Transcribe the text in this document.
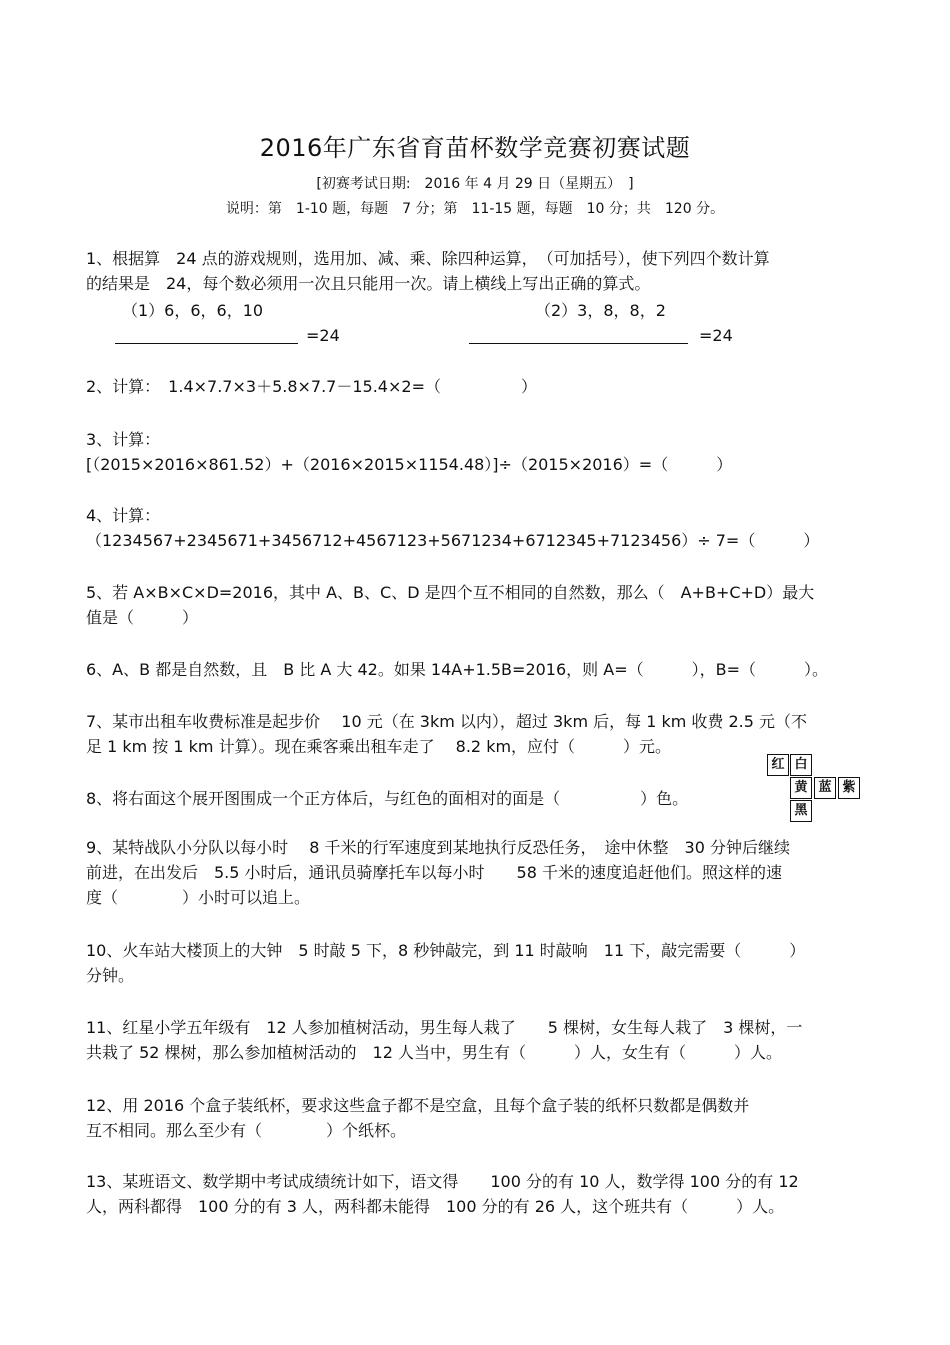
2016年广东省育苗杯数学竞赛初赛试题
[初赛考试日期:　2016 年 4 月 29 日（星期五）　]
说明：第　1-10 题，每题　7 分；第　11-15 题，每题　10 分；共　120 分。
1、根据算　24 点的游戏规则，选用加、减、乘、除四种运算，　（可加括号），使下列四个数计算
的结果是　24，每个数必须用一次且只能用一次。请上横线上写出正确的算式。
（1）6，6，6，10	（2）3，8，8，2
=24	=24
2、计算：　1.4×7.7×3＋5.8×7.7－15.4×2=（　　　　　）
3、计算：
[（2015×2016×861.52）+（2016×2015×1154.48）]÷（2015×2016）=（　　　）
4、计算：
（1234567+2345671+3456712+4567123+5671234+6712345+7123456）÷ 7=（　　　）
5、若 A×B×C×D=2016，其中 A、B、C、D 是四个互不相同的自然数，那么（　A+B+C+D）最大
值是（　　　）
6、A、B 都是自然数，且　B 比 A 大 42。如果 14A+1.5B=2016，则 A=（　　　），B=（　　　）。
7、某市出租车收费标准是起步价　 10 元（在 3km 以内），超过 3km 后，每 1 km 收费 2.5 元（不
足 1 km 按 1 km 计算）。现在乘客乘出租车走了　 8.2 km，应付（　　　）元。
8、将右面这个展开图围成一个正方体后，与红色的面相对的面是（　　　　　）色。
红 白
黄 蓝 紫
黑
9、某特战队小分队以每小时　 8 千米的行军速度到某地执行反恐任务，　途中休整　30 分钟后继续
前进，在出发后　5.5 小时后，通讯员骑摩托车以每小时　　58 千米的速度追赶他们。照这样的速
度（　　　　）小时可以追上。
10、火车站大楼顶上的大钟　5 时敲 5 下，8 秒钟敲完，到 11 时敲响　11 下，敲完需要（　　　）
分钟。
11、红星小学五年级有　12 人参加植树活动，男生每人栽了　　5 棵树，女生每人栽了　3 棵树，一
共栽了 52 棵树，那么参加植树活动的　12 人当中，男生有（　　　）人，女生有（　　　）人。
12、用 2016 个盒子装纸杯，要求这些盒子都不是空盒，且每个盒子装的纸杯只数都是偶数并
互不相同。那么至少有（　　　　）个纸杯。
13、某班语文、数学期中考试成绩统计如下，语文得　　100 分的有 10 人，数学得 100 分的有 12
人，两科都得　100 分的有 3 人，两科都未能得　100 分的有 26 人，这个班共有（　　　）人。
